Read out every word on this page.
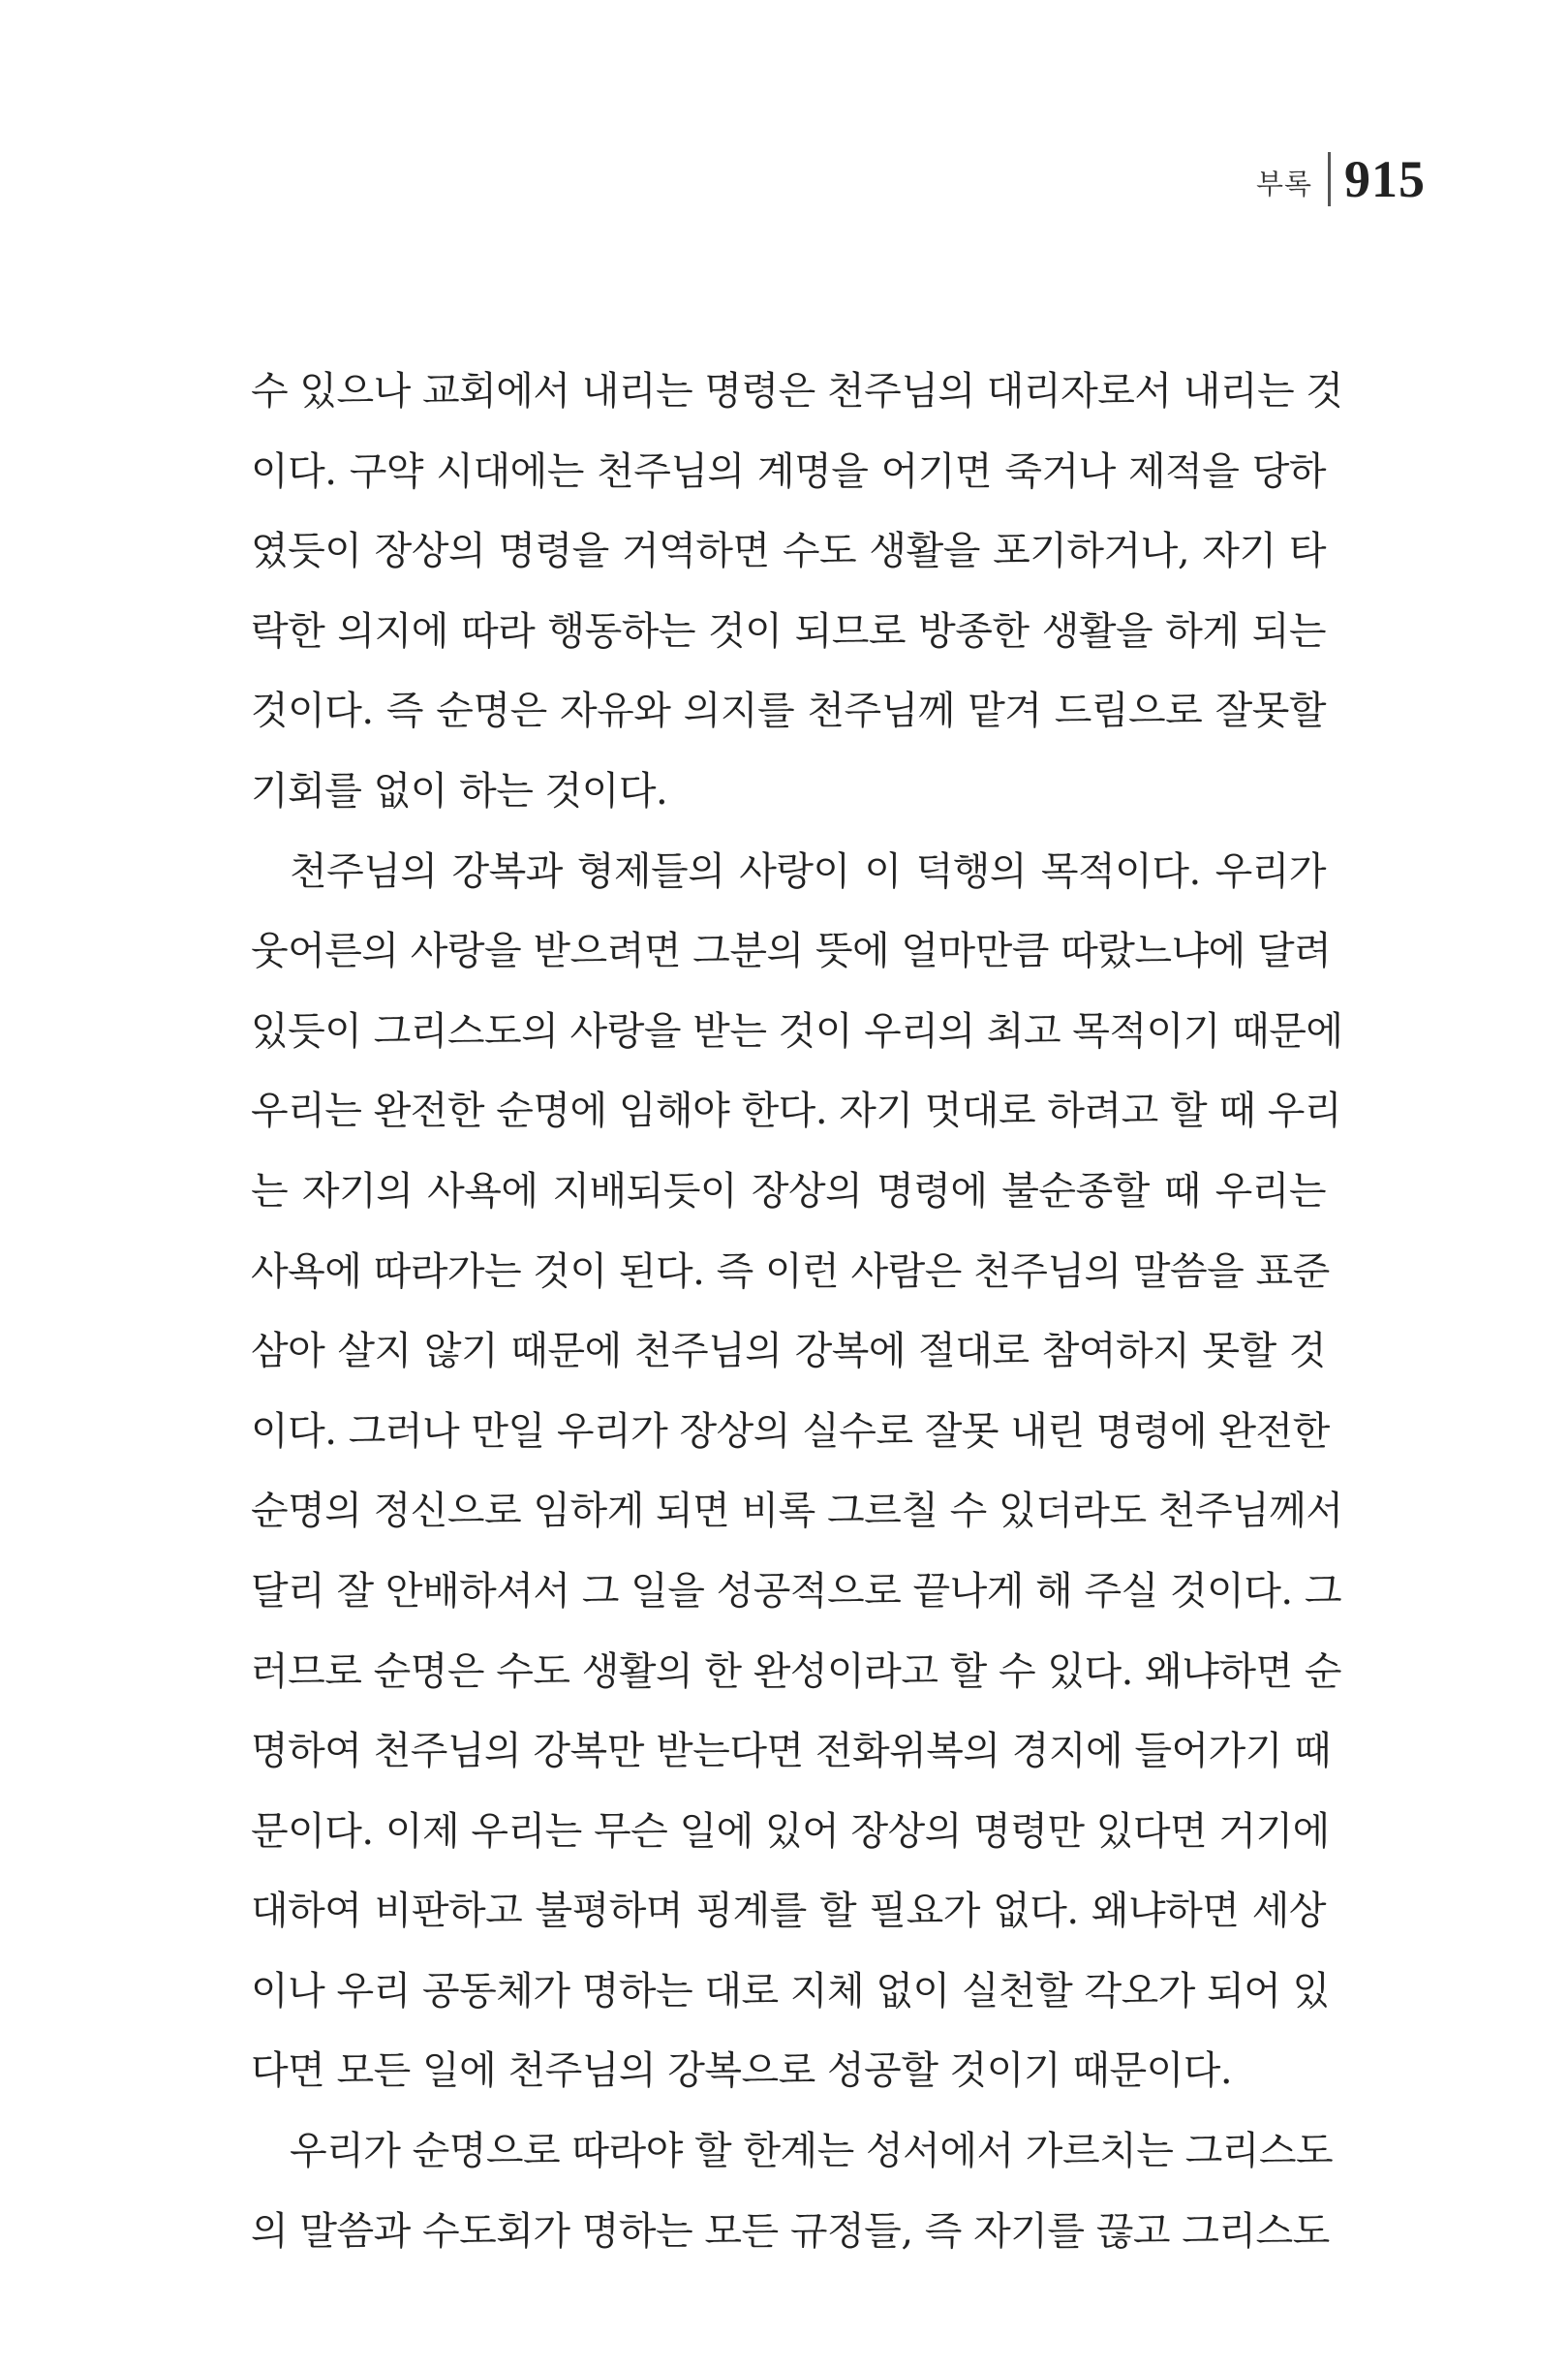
부록 915
수 있으나 교회에서 내리는 명령은 천주님의 대리자로서 내리는 것
이다. 구약 시대에는 천주님의 계명을 어기면 죽거나 제적을 당하
였듯이 장상의 명령을 거역하면 수도 생활을 포기하거나, 자기 타
락한 의지에 따라 행동하는 것이 되므로 방종한 생활을 하게 되는
것이다. 즉 순명은 자유와 의지를 천주님께 맡겨 드림으로 잘못할
기회를 없이 하는 것이다.
천주님의 강복과 형제들의 사랑이 이 덕행의 목적이다. 우리가
웃어른의 사랑을 받으려면 그분의 뜻에 얼마만큼 따랐느냐에 달려
있듯이 그리스도의 사랑을 받는 것이 우리의 최고 목적이기 때문에
우리는 완전한 순명에 임해야 한다. 자기 멋대로 하려고 할 때 우리
는 자기의 사욕에 지배되듯이 장상의 명령에 불순종할 때 우리는
사욕에 따라가는 것이 된다. 즉 이런 사람은 천주님의 말씀을 표준
삼아 살지 않기 때문에 천주님의 강복에 절대로 참여하지 못할 것
이다. 그러나 만일 우리가 장상의 실수로 잘못 내린 명령에 완전한
순명의 정신으로 임하게 되면 비록 그르칠 수 있더라도 천주님께서
달리 잘 안배하셔서 그 일을 성공적으로 끝나게 해 주실 것이다. 그
러므로 순명은 수도 생활의 한 완성이라고 할 수 있다. 왜냐하면 순
명하여 천주님의 강복만 받는다면 전화위복의 경지에 들어가기 때
문이다. 이제 우리는 무슨 일에 있어 장상의 명령만 있다면 거기에
대하여 비판하고 불평하며 핑계를 할 필요가 없다. 왜냐하면 세상
이나 우리 공동체가 명하는 대로 지체 없이 실천할 각오가 되어 있
다면 모든 일에 천주님의 강복으로 성공할 것이기 때문이다.
우리가 순명으로 따라야 할 한계는 성서에서 가르치는 그리스도
의 말씀과 수도회가 명하는 모든 규정들, 즉 자기를 끊고 그리스도
